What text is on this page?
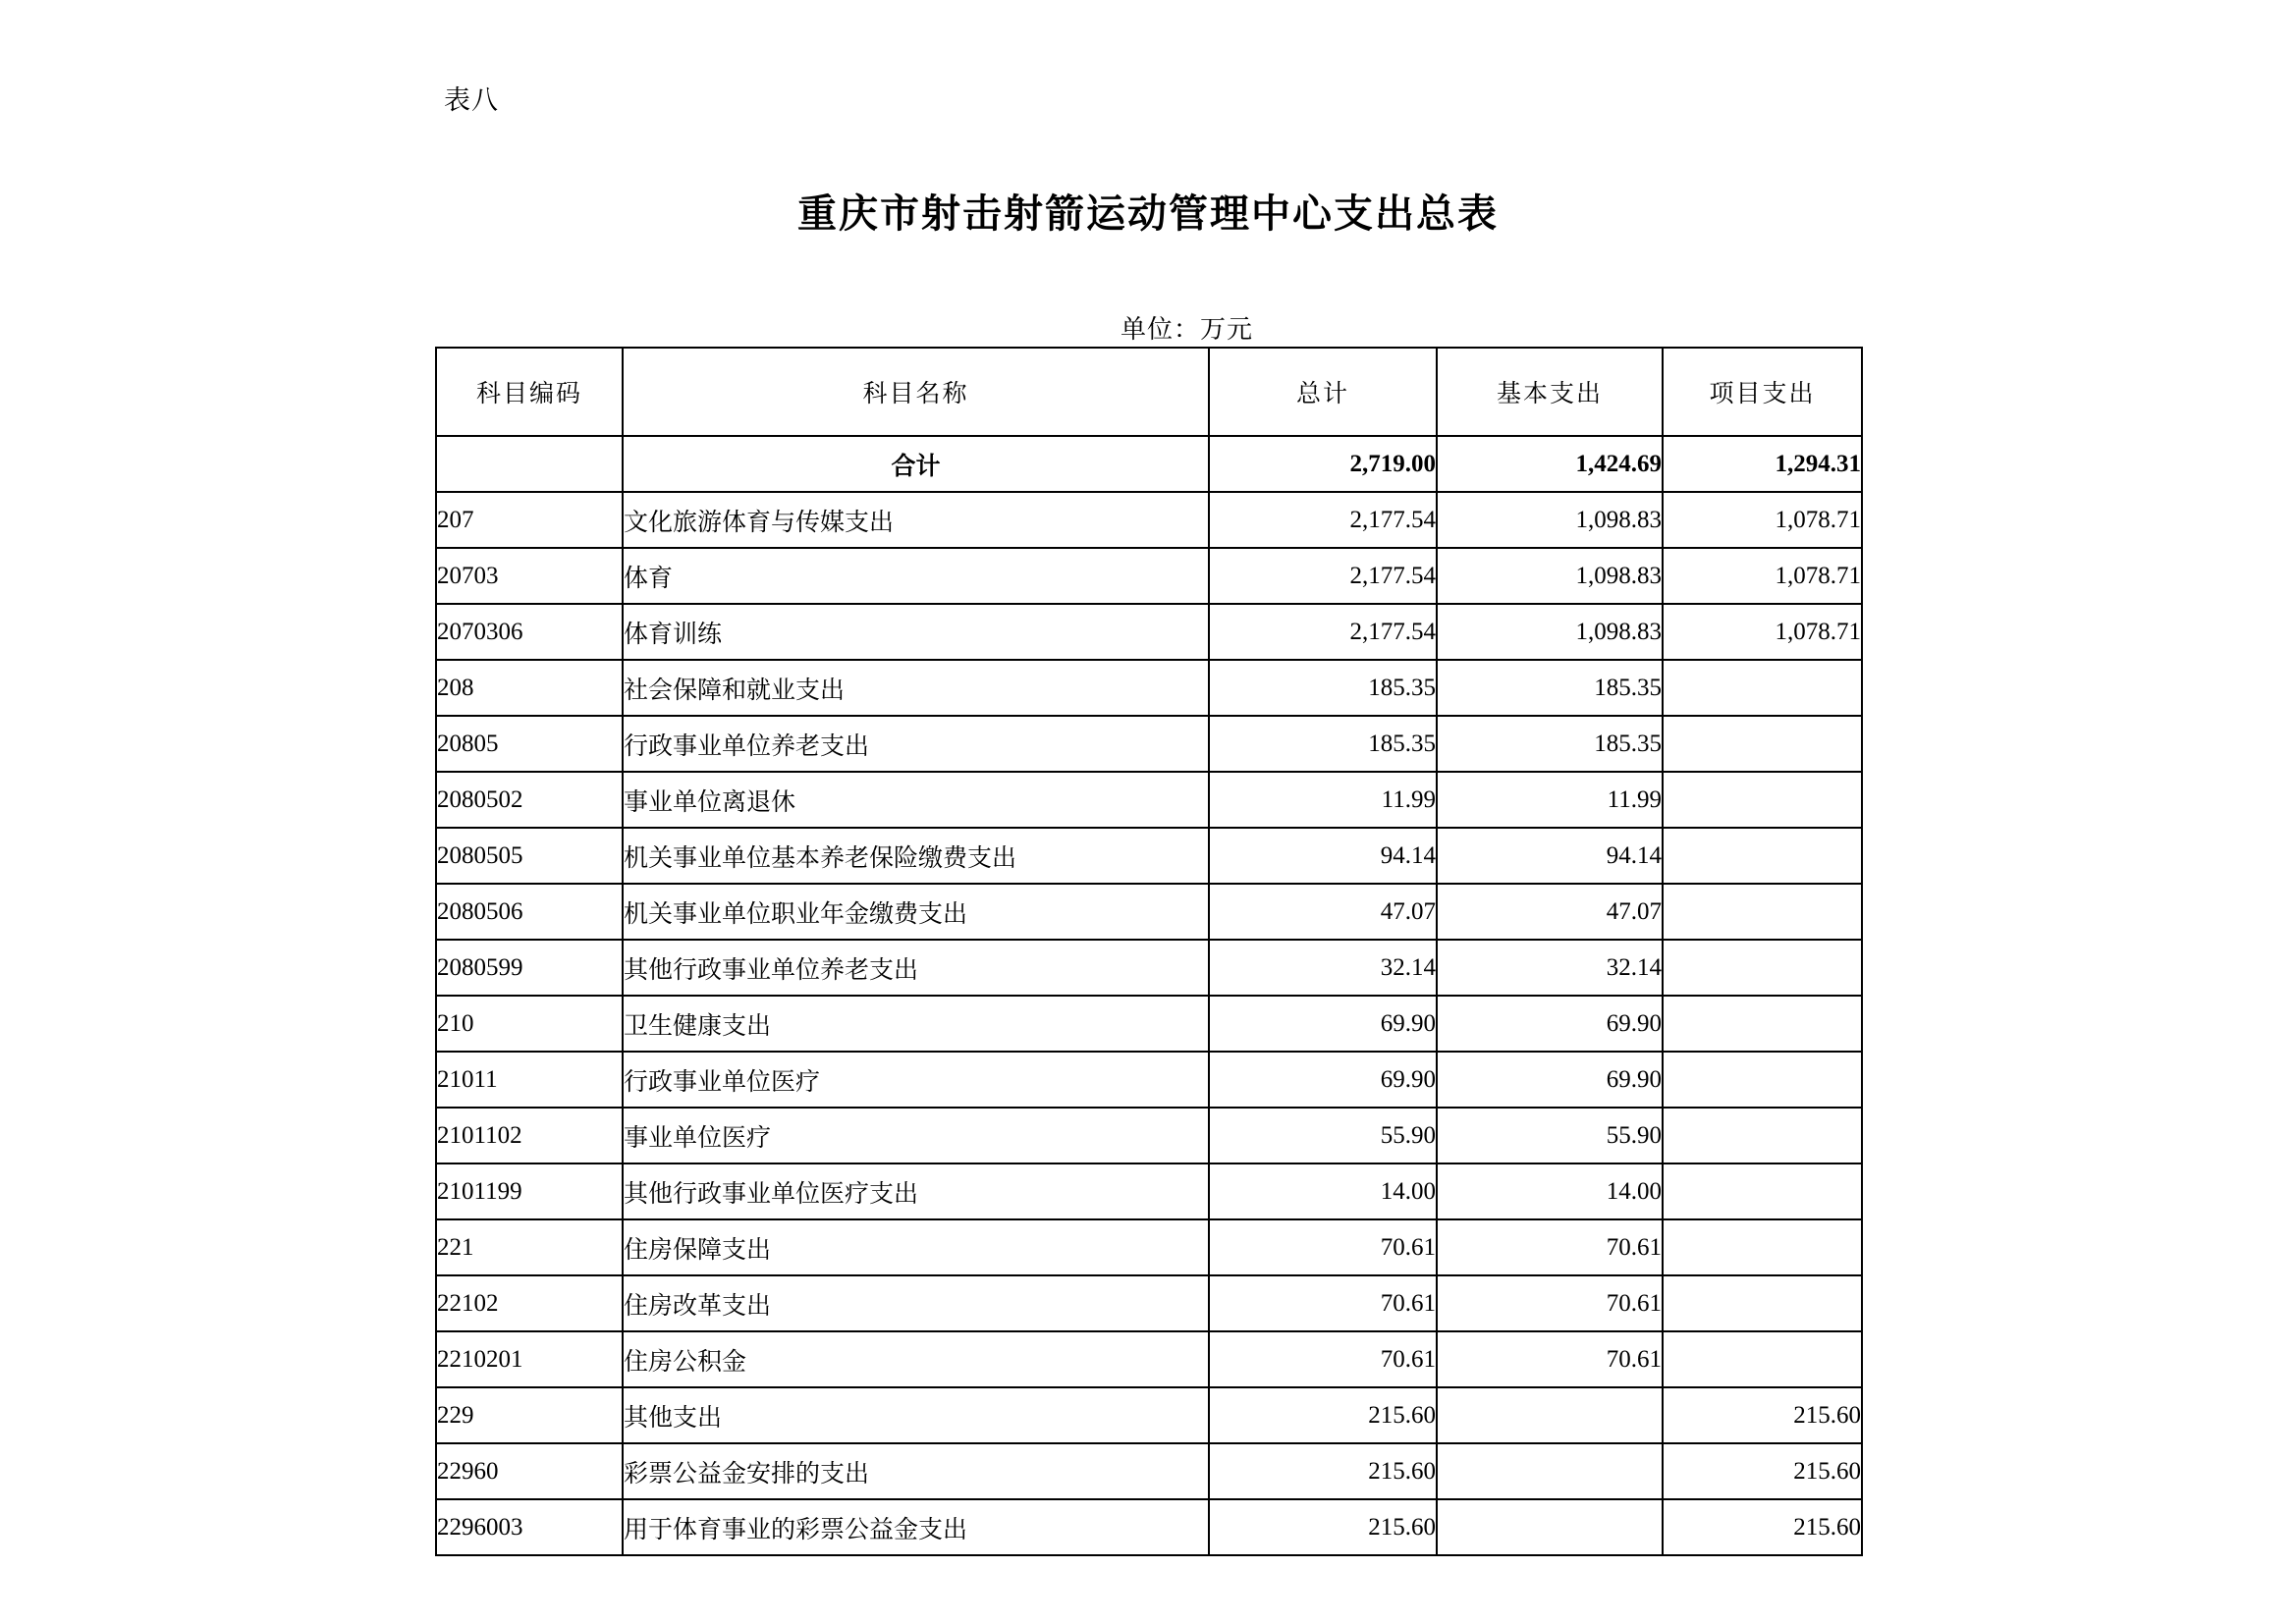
表八
重庆市射击射箭运动管理中心支出总表
单位：万元
科目编码	科目名称	总计	基本支出	项目支出
	合计	2,719.00	1,424.69	1,294.31
207	文化旅游体育与传媒支出	2,177.54	1,098.83	1,078.71
20703	体育	2,177.54	1,098.83	1,078.71
2070306	体育训练	2,177.54	1,098.83	1,078.71
208	社会保障和就业支出	185.35	185.35	
20805	行政事业单位养老支出	185.35	185.35	
2080502	事业单位离退休	11.99	11.99	
2080505	机关事业单位基本养老保险缴费支出	94.14	94.14	
2080506	机关事业单位职业年金缴费支出	47.07	47.07	
2080599	其他行政事业单位养老支出	32.14	32.14	
210	卫生健康支出	69.90	69.90	
21011	行政事业单位医疗	69.90	69.90	
2101102	事业单位医疗	55.90	55.90	
2101199	其他行政事业单位医疗支出	14.00	14.00	
221	住房保障支出	70.61	70.61	
22102	住房改革支出	70.61	70.61	
2210201	住房公积金	70.61	70.61	
229	其他支出	215.60		215.60
22960	彩票公益金安排的支出	215.60		215.60
2296003	用于体育事业的彩票公益金支出	215.60		215.60
